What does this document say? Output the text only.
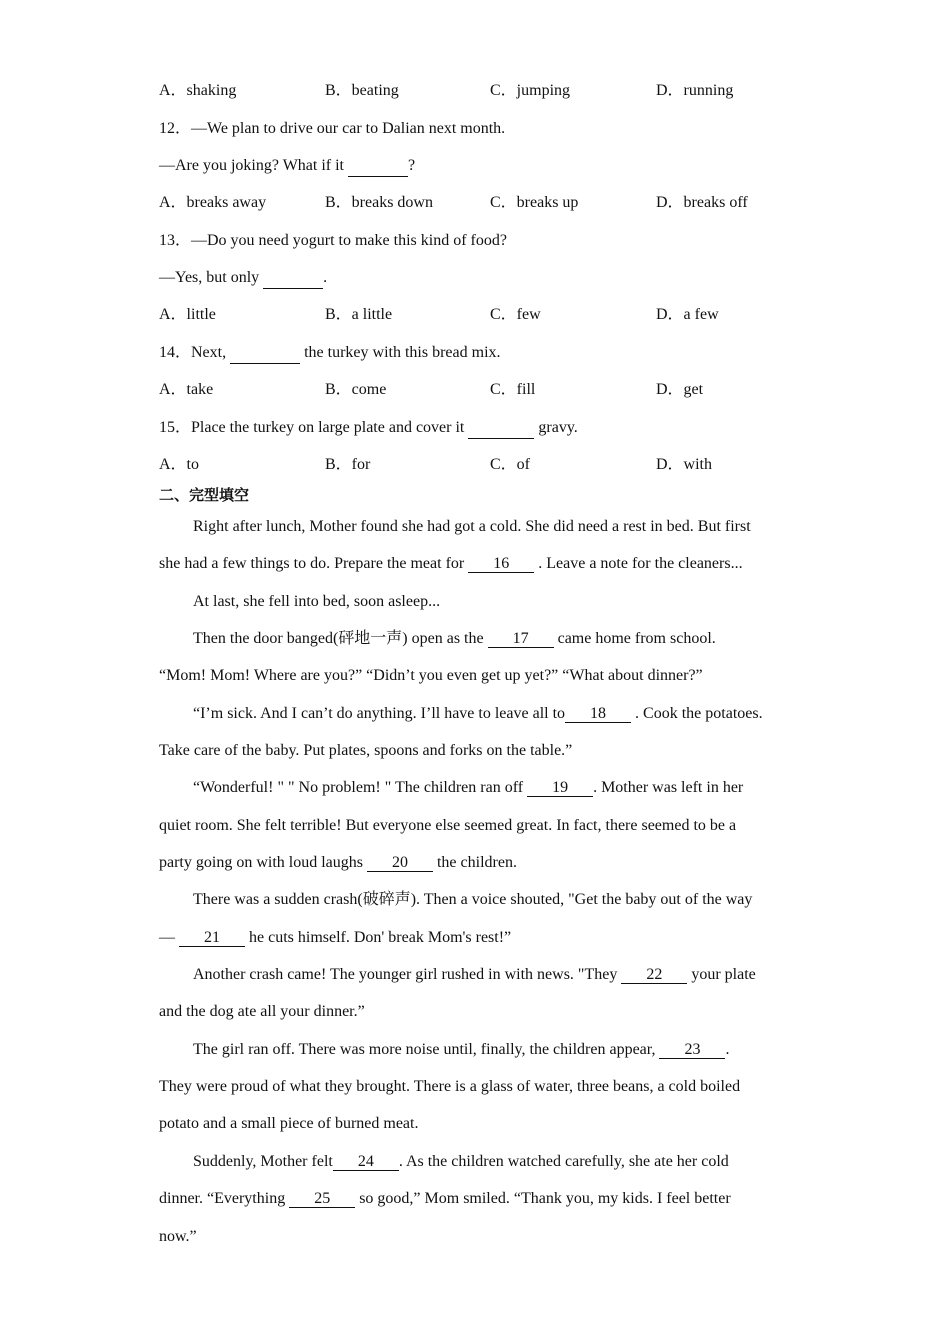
A．shaking	B．beating	C．jumping	D．running
12．—We plan to drive our car to Dalian next month.
—Are you joking? What if it	?
A．breaks away	B．breaks down	C．breaks up	D．breaks off
13．—Do you need yogurt to make this kind of food?
—Yes, but only	.
A．little	B．a little	C．few	D．a few
14．Next,	the turkey with this bread mix.
A．take	B．come	C．fill	D．get
15．Place the turkey on large plate and cover it	gravy.
A．to	B．for	C．of	D．with
二、完型填空
Right after lunch, Mother found she had got a cold. She did need a rest in bed. But first
she had a few things to do. Prepare the meat for 16 . Leave a note for the cleaners...
At last, she fell into bed, soon asleep...
Then the door banged(砰地一声) open as the 17 came home from school.
“Mom! Mom! Where are you?” “Didn’t you even get up yet?” “What about dinner?”
“I’m sick. And I can’t do anything. I’ll have to leave all to 18 . Cook the potatoes.
Take care of the baby. Put plates, spoons and forks on the table.”
“Wonderful! " " No problem! " The children ran off 19 . Mother was left in her
quiet room. She felt terrible! But everyone else seemed great. In fact, there seemed to be a
party going on with loud laughs 20 the children.
There was a sudden crash(破碎声). Then a voice shouted, "Get the baby out of the way
— 21 he cuts himself. Don' break Mom's rest!”
Another crash came! The younger girl rushed in with news. "They 22 your plate
and the dog ate all your dinner.”
The girl ran off. There was more noise until, finally, the children appear, 23 .
They were proud of what they brought. There is a glass of water, three beans, a cold boiled
potato and a small piece of burned meat.
Suddenly, Mother felt 24 . As the children watched carefully, she ate her cold
dinner. “Everything 25 so good,” Mom smiled. “Thank you, my kids. I feel better
now.”
